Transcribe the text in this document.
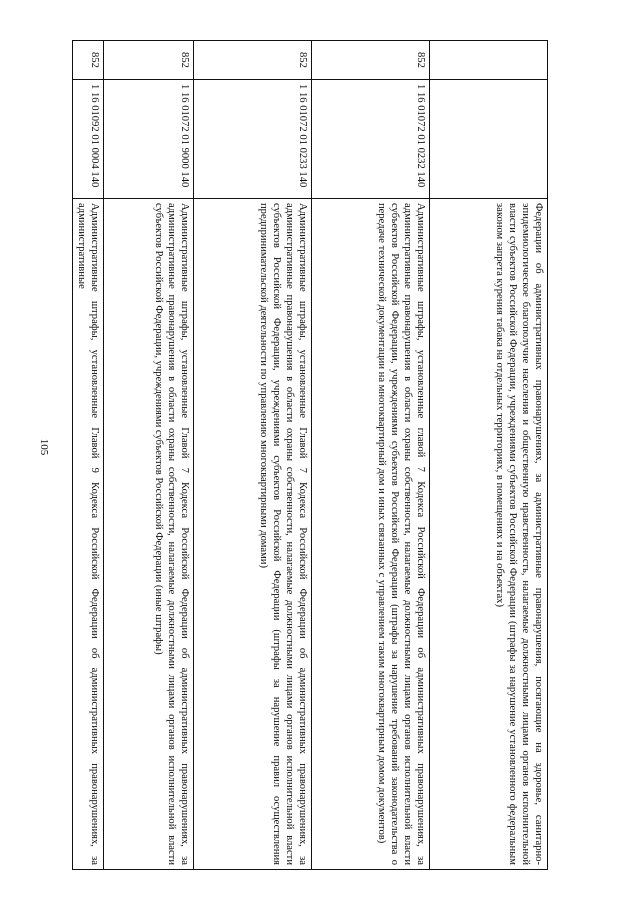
105
			Федерации об административных правонарушениях, за административные правонарушения, посягающие на здоровье, санитарно-эпидемиологическое благополучие населения и общественную нравственность, налагаемые должностными лицами органов исполнительной власти субъектов Российской Федерации, учреждениями субъектов Российской Федерации (штрафы за нарушение установленного федеральным законом запрета курения табака на отдельных территориях, в помещениях и на объектах)
852	1 16 01072 01 0232 140	Административные штрафы, установленные главой 7 Кодекса Российской Федерации об административных правонарушениях, за административные правонарушения в области охраны собственности, налагаемые должностными лицами органов исполнительной власти субъектов Российской Федерации, учреждениями субъектов Российской Федерации (штрафы за нарушение требований законодательства о передаче технической документации на многоквартирный дом и иных связанных с управлением таким многоквартирным домом документов)
852	1 16 01072 01 0233 140	Административные штрафы, установленные Главой 7 Кодекса Российской Федерации об административных правонарушениях, за административные правонарушения в области охраны собственности, налагаемые должностными лицами органов исполнительной власти субъектов Российской Федерации, учреждениями субъектов Российской Федерации (штрафы за нарушение правил осуществления предпринимательской деятельности по управлению многоквартирными домами)
852	1 16 01072 01 9000 140	Административные штрафы, установленные Главой 7 Кодекса Российской Федерации об административных правонарушениях, за административные правонарушения в области охраны собственности, налагаемые должностными лицами органов исполнительной власти субъектов Российской Федерации, учреждениями субъектов Российской Федерации (иные штрафы)
852	1 16 01092 01 0004 140	Административные штрафы, установленные Главой 9 Кодекса Российской Федерации об административных правонарушениях, за административные
